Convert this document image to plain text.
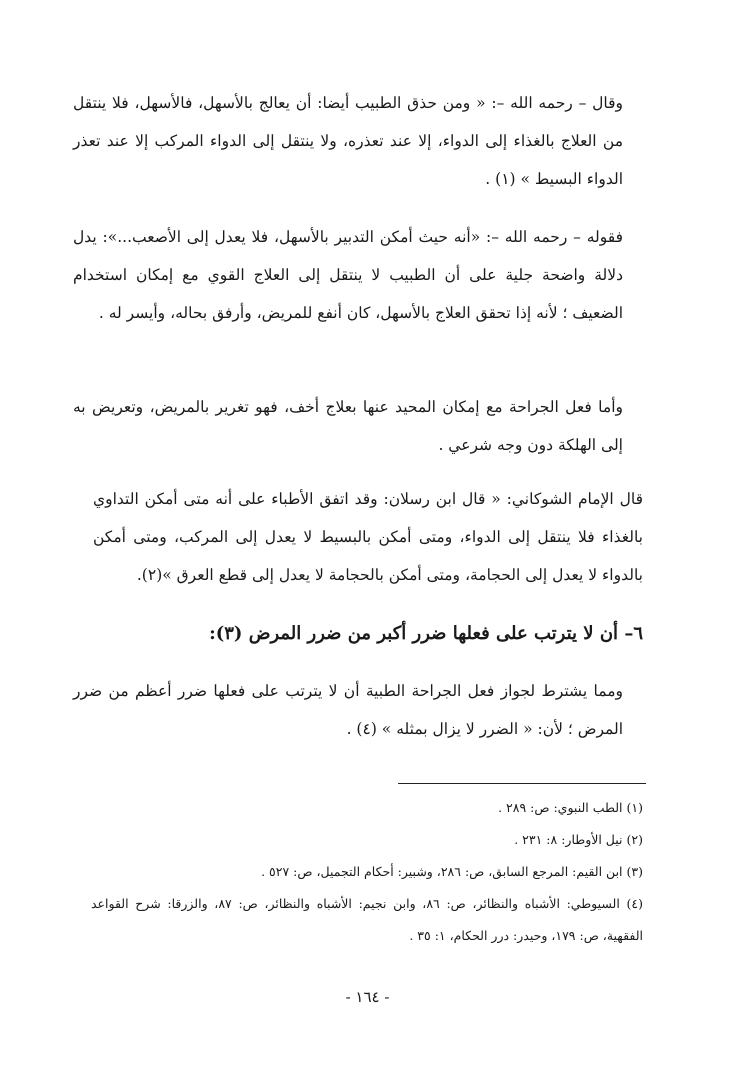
وقال – رحمه الله –: « ومن حذق الطبيب أيضا: أن يعالج بالأسهل، فالأسهل، فلا ينتقل من العلاج بالغذاء إلى الدواء، إلا عند تعذره، ولا ينتقل إلى الدواء المركب إلا عند تعذر الدواء البسيط » (١) .

فقوله – رحمه الله –: «أنه حيث أمكن التدبير بالأسهل، فلا يعدل إلى الأصعب...»: يدل دلالة واضحة جلية على أن الطبيب لا ينتقل إلى العلاج القوي مع إمكان استخدام الضعيف ؛ لأنه إذا تحقق العلاج بالأسهل، كان أنفع للمريض، وأرفق بحاله، وأيسر له .

وأما فعل الجراحة مع إمكان المحيد عنها بعلاج أخف، فهو تغرير بالمريض، وتعريض به إلى الهلكة دون وجه شرعي .

قال الإمام الشوكاني: « قال ابن رسلان: وقد اتفق الأطباء على أنه متى أمكن التداوي بالغذاء فلا ينتقل إلى الدواء، ومتى أمكن بالبسيط لا يعدل إلى المركب، ومتى أمكن بالدواء لا يعدل إلى الحجامة، ومتى أمكن بالحجامة لا يعدل إلى قطع العرق »(٢).

٦– أن لا يترتب على فعلها ضرر أكبر من ضرر المرض (٣):

ومما يشترط لجواز فعل الجراحة الطبية أن لا يترتب على فعلها ضرر أعظم من ضرر المرض ؛ لأن: « الضرر لا يزال بمثله » (٤) .

(١) الطب النبوي: ص: ٢٨٩ .
(٢) نيل الأوطار: ٨: ٢٣١ .
(٣) ابن القيم: المرجع السابق، ص: ٢٨٦، وشبير: أحكام التجميل، ص: ٥٢٧ .
(٤) السيوطي: الأشباه والنظائر، ص: ٨٦، وابن نجيم: الأشباه والنظائر، ص: ٨٧، والزرقا: شرح القواعد الفقهية، ص: ١٧٩، وحيدر: درر الحكام، ١: ٣٥ .
- ١٦٤ -
